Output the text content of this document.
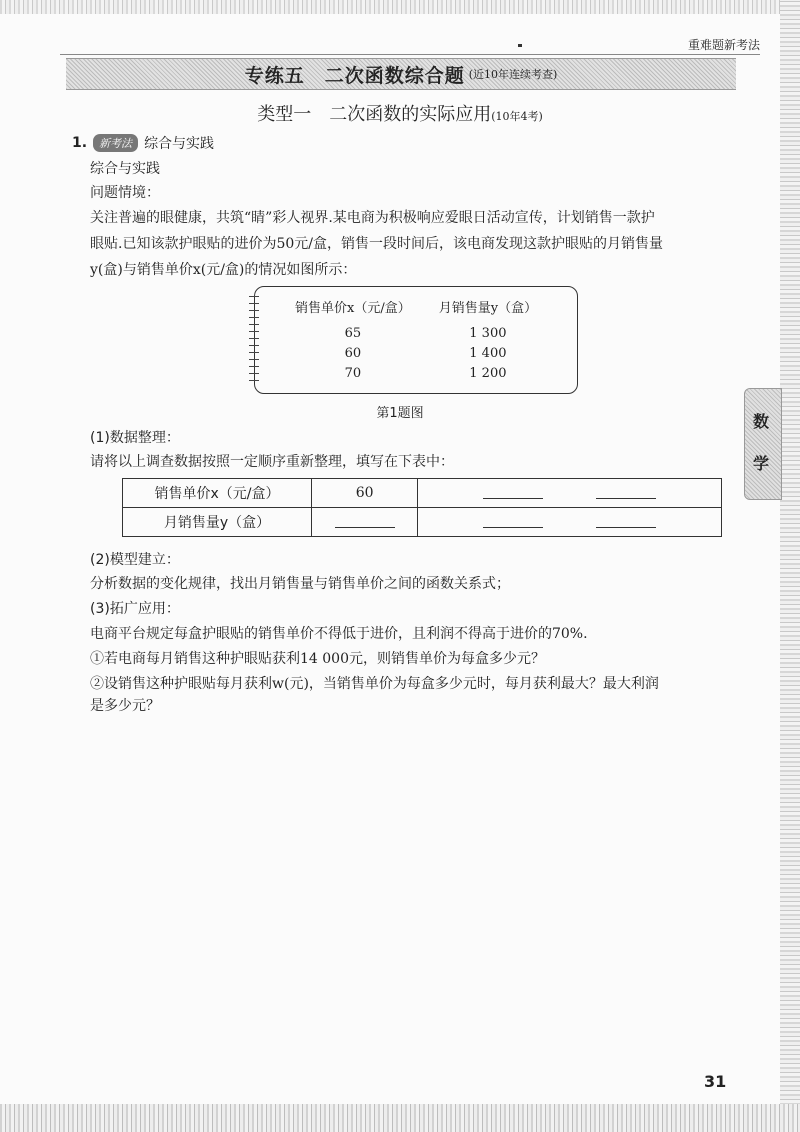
重难题新考法
专练五　二次函数综合题 (近10年连续考查)
类型一　二次函数的实际应用(10年4考)
1.	新考法 综合与实践
综合与实践
问题情境：
关注普遍的眼健康，共筑“睛”彩人视界.某电商为积极响应爱眼日活动宣传，计划销售一款护
眼贴.已知该款护眼贴的进价为50元/盒，销售一段时间后，该电商发现这款护眼贴的月销售量
y(盒)与销售单价x(元/盒)的情况如图所示：
销售单价x（元/盒）	月销售量y（盒）
65	1 300
60	1 400
70	1 200
第1题图
(1)数据整理：
请将以上调查数据按照一定顺序重新整理，填写在下表中：
销售单价x（元/盒）	60	
月销售量y（盒）		
(2)模型建立：
分析数据的变化规律，找出月销售量与销售单价之间的函数关系式；
(3)拓广应用：
电商平台规定每盒护眼贴的销售单价不得低于进价，且利润不得高于进价的70%.
①若电商每月销售这种护眼贴获利14 000元，则销售单价为每盒多少元？
②设销售这种护眼贴每月获利w(元)，当销售单价为每盒多少元时，每月获利最大？最大利润
是多少元？
数
学
31
